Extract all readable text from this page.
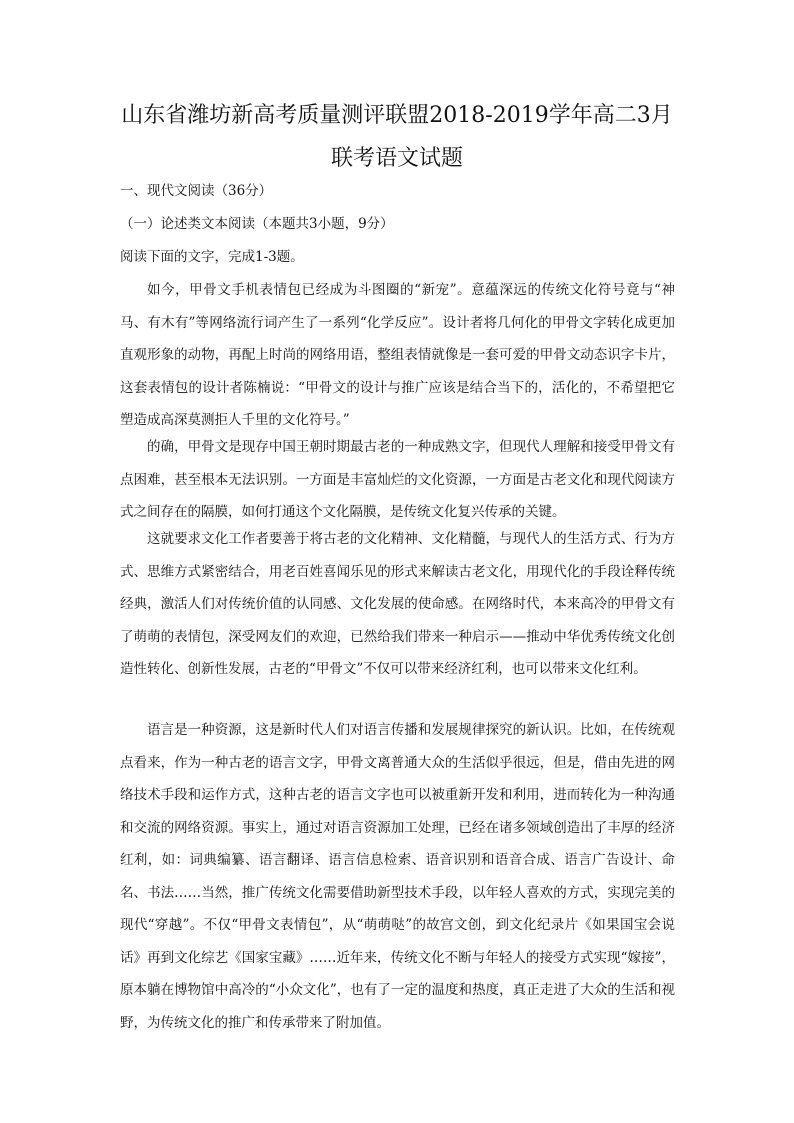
山东省潍坊新高考质量测评联盟2018-2019学年高二3月
联考语文试题
一、现代文阅读（36分）
（一）论述类文本阅读（本题共3小题，9分）
阅读下面的文字，完成1-3题。

如今，甲骨文手机表情包已经成为斗图圈的“新宠”。意蕴深远的传统文化符号竟与“神马、有木有”等网络流行词产生了一系列“化学反应”。设计者将几何化的甲骨文字转化成更加直观形象的动物，再配上时尚的网络用语，整组表情就像是一套可爱的甲骨文动态识字卡片，这套表情包的设计者陈楠说：“甲骨文的设计与推广应该是结合当下的，活化的，不希望把它塑造成高深莫测拒人千里的文化符号。”

的确，甲骨文是现存中国王朝时期最古老的一种成熟文字，但现代人理解和接受甲骨文有点困难，甚至根本无法识别。一方面是丰富灿烂的文化资源，一方面是古老文化和现代阅读方式之间存在的隔膜，如何打通这个文化隔膜，是传统文化复兴传承的关键。

这就要求文化工作者要善于将古老的文化精神、文化精髓，与现代人的生活方式、行为方式、思维方式紧密结合，用老百姓喜闻乐见的形式来解读古老文化，用现代化的手段诠释传统经典，激活人们对传统价值的认同感、文化发展的使命感。在网络时代，本来高冷的甲骨文有了萌萌的表情包，深受网友们的欢迎，已然给我们带来一种启示——推动中华优秀传统文化创造性转化、创新性发展，古老的“甲骨文”不仅可以带来经济红利，也可以带来文化红利。

语言是一种资源，这是新时代人们对语言传播和发展规律探究的新认识。比如，在传统观点看来，作为一种古老的语言文字，甲骨文离普通大众的生活似乎很远，但是，借由先进的网络技术手段和运作方式，这种古老的语言文字也可以被重新开发和利用，进而转化为一种沟通和交流的网络资源。事实上，通过对语言资源加工处理，已经在诸多领域创造出了丰厚的经济红利，如：词典编纂、语言翻译、语言信息检索、语音识别和语音合成、语言广告设计、命名、书法……当然，推广传统文化需要借助新型技术手段，以年轻人喜欢的方式，实现完美的现代“穿越”。不仅“甲骨文表情包”，从“萌萌哒”的故宫文创，到文化纪录片《如果国宝会说话》再到文化综艺《国家宝藏》……近年来，传统文化不断与年轻人的接受方式实现“嫁接”，原本躺在博物馆中高冷的“小众文化”，也有了一定的温度和热度，真正走进了大众的生活和视野，为传统文化的推广和传承带来了附加值。
